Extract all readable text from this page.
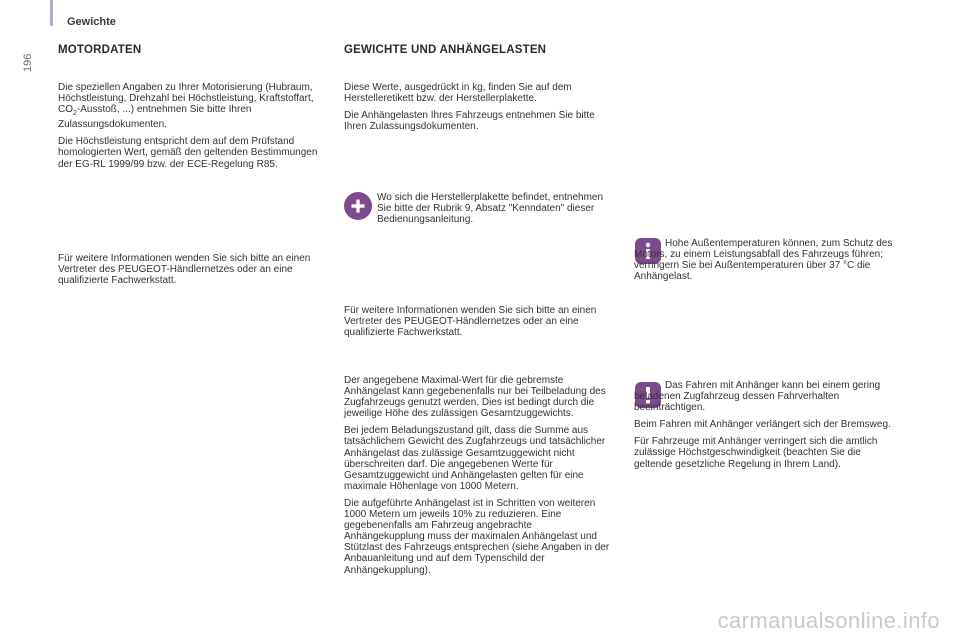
Gewichte
196
MOTORDATEN

Die speziellen Angaben zu Ihrer Motorisierung (Hubraum, Höchstleistung, Drehzahl bei Höchstleistung, Kraftstoffart, $CO_2$-Ausstoß, ...) entnehmen Sie bitte Ihren Zulassungsdokumenten.

Die Höchstleistung entspricht dem auf dem Prüfstand homologierten Wert, gemäß den geltenden Bestimmungen der EG-RL 1999/99 bzw. der ECE-Regelung R85.

Für weitere Informationen wenden Sie sich bitte an einen Vertreter des PEUGEOT-Händlernetzes oder an eine qualifizierte Fachwerkstatt.

GEWICHTE UND ANHÄNGELASTEN

Diese Werte, ausgedrückt in kg, finden Sie auf dem Herstelleretikett bzw. der Herstellerplakette.

Die Anhängelasten Ihres Fahrzeugs entnehmen Sie bitte Ihren Zulassungsdokumenten.

Wo sich die Herstellerplakette befindet, entnehmen Sie bitte der Rubrik 9, Absatz "Kenndaten" dieser Bedienungsanleitung.

Für weitere Informationen wenden Sie sich bitte an einen Vertreter des PEUGEOT-Händlernetzes oder an eine qualifizierte Fachwerkstatt.

Der angegebene Maximal-Wert für die gebremste Anhängelast kann gegebenenfalls nur bei Teilbeladung des Zugfahrzeugs genutzt werden. Dies ist bedingt durch die jeweilige Höhe des zulässigen Gesamtzuggewichts.

Bei jedem Beladungszustand gilt, dass die Summe aus tatsächlichem Gewicht des Zugfahrzeugs und tatsächlicher Anhängelast das zulässige Gesamtzuggewicht nicht überschreiten darf. Die angegebenen Werte für Gesamtzuggewicht und Anhängelasten gelten für eine maximale Höhenlage von 1000 Metern.

Die aufgeführte Anhängelast ist in Schritten von weiteren 1000 Metern um jeweils 10% zu reduzieren. Eine gegebenenfalls am Fahrzeug angebrachte Anhängekupplung muss der maximalen Anhängelast und Stützlast des Fahrzeugs entsprechen (siehe Angaben in der Anbauanleitung und auf dem Typenschild der Anhängekupplung).

Hohe Außentemperaturen können, zum Schutz des Motors, zu einem Leistungsabfall des Fahrzeugs führen; verringern Sie bei Außentemperaturen über 37 °C die Anhängelast.

Das Fahren mit Anhänger kann bei einem gering beladenen Zugfahrzeug dessen Fahrverhalten beeinträchtigen.

Beim Fahren mit Anhänger verlängert sich der Bremsweg.

Für Fahrzeuge mit Anhänger verringert sich die amtlich zulässige Höchstgeschwindigkeit (beachten Sie die geltende gesetzliche Regelung in Ihrem Land).

carmanualsonline.info
